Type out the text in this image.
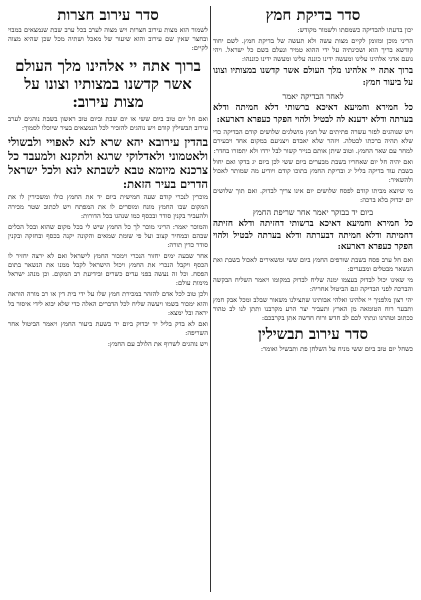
סדר בדיקת חמץ

יכון בדעתו להבדיקה כשמסתו ולשמור מקודש:

הריני מוכן ומזומן לקיים מצות עשה ולא תעשה של בדיקת חמץ. לשם יחוד קודשא בריך הוא ושכינתיה על ידי ההוא טמיר ונעלם בשם כל ישראל. ויהי נועם אדני אלהינו עלינו ומעשה ידינו כוננה עלינו ומעשה ידינו כוננהו:

ברוך אתה יי אלהינו מלך העולם אשר קדשנו במצותיו וצונו על ביעור חמץ:

לאחר הבדיקה יאמר

כל חמירא וחמיעא דאיכא ברשותי דלא חמיתה ודלא בערתה ודלא ידענא לה לבטיל ולהוי הפקר כעפרא דארעא:

ויש שנוהגים לפזר עשרה פתיתים של חמץ מושלגים שלושים קודם הבדיקה כדי שלא תהיה ברכתו לבטלה. ויזהר שלא יאבדם ויצניעם במקום אחד ויבעירם למחר עם שאר החמץ. וטוב שיתן אותם בנייר קשור לבל ירדו ולא יתפזרו בחדר:

ואם יהיה חל יום שאחריו בשבת מבערים ביום ששי לכן ביום יג בדקו ואם יחול בשבת עוד בדיקה בליל יג ובדיקת החמץ בתוכו קודם ויודיע מה שמותר לאכול ולהשאיר:

מי שיוצא מביתו קודם לפסח שלושים יום אינו צריך לבדוק. ואם תוך שלושים יום יבדוק בלא ברכה:

ביום יד בבוקר יאמר אחר שריפת החמץ

כל חמירא וחמיעא דאיכא ברשותי דחזיתה ודלא חזיתה דחמיתה ודלא חמיתה דבערתה ודלא בערתה לבטיל ולהוי הפקר כעפרא דארעא:

ואם חל ערב פסח בשבת שורפים החמץ ביום ששי ומשאירים לאכול בשבת ואת הנשאר מבטלים ומבערים:

מי שאינו יכול לבדוק בעצמו ימנה שליח לבדוק במקומו ויאמר השליח הבקשה והברכה לפני הבדיקה וגם הביטול אחריה:

יהי רצון מלפניך יי אלהינו ואלהי אבותינו שתצילנו משאור שבלב ומכל אבק חמץ ותבער רוח הטומאה מן הארץ ותעביר יצר הרע מקרבנו ותתן לנו לב טהור ככתוב וטהרנו ונתתי לכם לב חדש ורוח חדשה אתן בקרבכם:

סדר עירוב תבשילין

כשחל יום טוב ביום ששי מניח על השלחן פת ותבשיל ואומר:

סדר עירוב חצרות

לשמור הוא מצות עירוב חצרות ויש מצוה לערב בכל ערב שבת שנמצאים במבוי ובחצר שאין שם עירוב והוא שיעור של מאכל ושתיה מכל שכן שהיא מצוה לקיים:

ברוך אתה יי אלהינו מלך העולם אשר קדשנו במצותיו וצונו על מצות עירוב:

ואם חל יום טוב ביום ששי או יום שבת וביום טוב ראשון בשבת נוהגים לערב עירוב תבשילין קודם ויש נוהגים להזכיר לכל הנמצאים בעיר שיוכלו לסמוך:

בהדין עירובא יהא שרא לנא לאפויי ולבשולי ולאטמוני ולאדלוקי שרגא ולתקנא ולמעבד כל צרכנא מיומא טבא לשבתא לנא ולכל ישראל הדרים בעיר הזאת:

מוכרין לנכרי קודם שעה חמישית ביום יד את החמץ כולו ומשכירין לו את המקום שבו החמץ מונח ומוסרים לו את המפתח ויש לכתוב שטר מכירה ולהעביר בקנין סודר ובכסף כמו שנהגו בכל הדורות:

והמוכר יאמר: הריני מוכר לך כל החמץ שיש לי בכל מקום שהוא ובכל הכלים שבהם ובמחיר קצוב ועל פי שומת שמאים והקונה יקנה בכסף ובחזקה ובקנין סודר כדין תורה:

אחר שבעה ימים יחזור הנכרי וימכור החמץ לישראל ואם לא ירצה יחזיר לו הכסף ויקבל הנכרי את החמץ ויכול הישראל לקבל ממנו את הנשאר בתום הפסח. וכל זה נעשה בפני עדים כשרים ובידיעת רב המקום. וכן מנהג ישראל מימות עולם:

ולכן טוב לכל אדם להזהר במכירת חמץ שלו על ידי בית דין או רב מורה הוראה והוא ימכור בשמו ויעשה שליח לכל הדברים האלה כדי שלא יבוא לידי איסור בל יראה ובל ימצא:

ואם לא בדק בליל יד יבדוק ביום יד בשעת ביעור החמץ ויאמר הביטול אחר השריפה:

ויש נוהגים לשרוף את הלולב עם החמץ:
